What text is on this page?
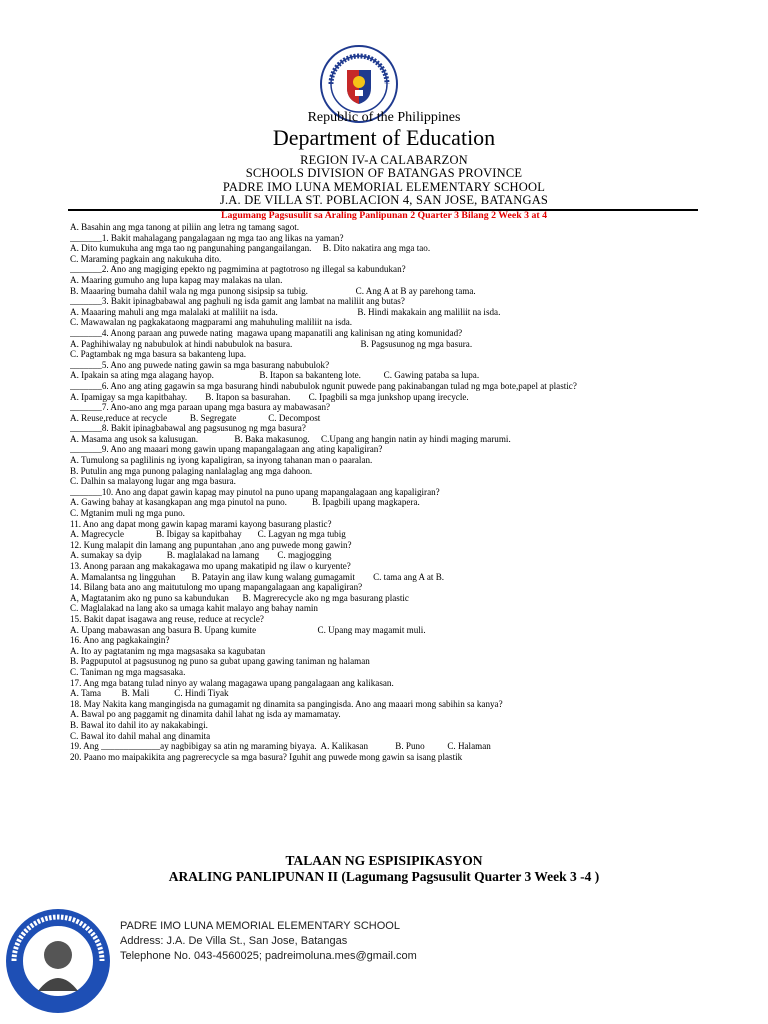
Republic of the Philippines
Department of Education
REGION IV-A CALABARZON
SCHOOLS DIVISION OF BATANGAS PROVINCE
PADRE IMO LUNA MEMORIAL ELEMENTARY SCHOOL
J.A. DE VILLA ST. POBLACION 4, SAN JOSE, BATANGAS
Lagumang Pagsusulit sa Araling Panlipunan 2 Quarter 3 Bilang 2 Week 3 at 4
A. Basahin ang mga tanong at piliin ang letra ng tamang sagot.
_______1. Bakit mahalagang pangalagaan ng mga tao ang likas na yaman?
A. Dito kumukuha ang mga tao ng pangunahing pangangailangan.     B. Dito nakatira ang mga tao.
C. Maraming pagkain ang nakukuha dito.
_______2. Ano ang magiging epekto ng pagmimina at pagtotroso ng illegal sa kabundukan?
A. Maaring gumuho ang lupa kapag may malakas na ulan.
B. Maaaring bumaha dahil wala ng mga punong sisipsip sa tubig.                     C. Ang A at B ay parehong tama.
_______3. Bakit ipinagbabawal ang paghuli ng isda gamit ang lambat na maliliit ang butas?
A. Maaaring mahuli ang mga malalaki at maliliit na isda.                                   B. Hindi makakain ang maliliit na isda.
C. Mawawalan ng pagkakataong magparami ang mahuhuling maliliit na isda.
_______4. Anong paraan ang puwede nating  magawa upang mapanatili ang kalinisan ng ating komunidad?
A. Paghihiwalay ng nabubulok at hindi nabubulok na basura.                              B. Pagsusunog ng mga basura.
C. Pagtambak ng mga basura sa bakanteng lupa.
_______5. Ano ang puwede nating gawin sa mga basurang nabubulok?
A. Ipakain sa ating mga alagang hayop.                    B. Itapon sa bakanteng lote.          C. Gawing pataba sa lupa.
_______6. Ano ang ating gagawin sa mga basurang hindi nabubulok ngunit puwede pang pakinabangan tulad ng mga bote,papel at plastic?
A. Ipamigay sa mga kapitbahay.        B. Itapon sa basurahan.        C. Ipagbili sa mga junkshop upang irecycle.
_______7. Ano-ano ang mga paraan upang mga basura ay mabawasan?
A. Reuse,reduce at recycle          B. Segregate              C. Decompost
_______8. Bakit ipinagbabawal ang pagsusunog ng mga basura?
A. Masama ang usok sa kalusugan.                B. Baka makasunog.     C.Upang ang hangin natin ay hindi maging marumi.
_______9. Ano ang maaari mong gawin upang mapangalagaan ang ating kapaligiran?
A. Tumulong sa paglilinis ng iyong kapaligiran, sa inyong tahanan man o paaralan.
B. Putulin ang mga punong palaging nanlalaglag ang mga dahoon.
C. Dalhin sa malayong lugar ang mga basura.
_______10. Ano ang dapat gawin kapag may pinutol na puno upang mapangalagaan ang kapaligiran?
A. Gawing bahay at kasangkapan ang mga pinutol na puno.           B. Ipagbili upang magkapera.
C. Mgtanim muli ng mga puno.
11. Ano ang dapat mong gawin kapag marami kayong basurang plastic?
A. Magrecycle              B. Ibigay sa kapitbahay       C. Lagyan ng mga tubig
12. Kung malapit din lamang ang pupuntahan ,ano ang puwede mong gawin?
A. sumakay sa dyip           B. maglalakad na lamang        C. magjogging
13. Anong paraan ang makakagawa mo upang makatipid ng ilaw o kuryente?
A. Mamalantsa ng lingguhan       B. Patayin ang ilaw kung walang gumagamit        C. tama ang A at B.
14. Bilang bata ano ang maitutulong mo upang mapangalagaan ang kapaligiran?
A, Magtatanim ako ng puno sa kabundukan      B. Magrerecycle ako ng mga basurang plastic
C. Maglalakad na lang ako sa umaga kahit malayo ang bahay namin
15. Bakit dapat isagawa ang reuse, reduce at recycle?
A. Upang mabawasan ang basura B. Upang kumite                           C. Upang may magamit muli.
16. Ano ang pagkakaingin?
A. Ito ay pagtatanim ng mga magsasaka sa kagubatan
B. Pagpuputol at pagsusunog ng puno sa gubat upang gawing taniman ng halaman
C. Taniman ng mga magsasaka.
17. Ang mga batang tulad ninyo ay walang magagawa upang pangalagaan ang kalikasan.
A. Tama         B. Mali           C. Hindi Tiyak
18. May Nakita kang mangingisda na gumagamit ng dinamita sa pangingisda. Ano ang maaari mong sabihin sa kanya?
A. Bawal po ang paggamit ng dinamita dahil lahat ng isda ay mamamatay.
B. Bawal ito dahil ito ay nakakabingi.
C. Bawal ito dahil mahal ang dinamita
19. Ang _____________ay nagbibigay sa atin ng maraming biyaya.  A. Kalikasan            B. Puno          C. Halaman
20. Paano mo maipakikita ang pagrerecycle sa mga basura? Iguhit ang puwede mong gawin sa isang plastik
TALAAN NG ESPISIPIKASYON
ARALING PANLIPUNAN II (Lagumang Pagsusulit Quarter 3 Week 3 -4 )
PADRE IMO LUNA MEMORIAL ELEMENTARY SCHOOL
Address: J.A. De Villa St., San Jose, Batangas
Telephone No. 043-4560025; padreimoluna.mes@gmail.com
